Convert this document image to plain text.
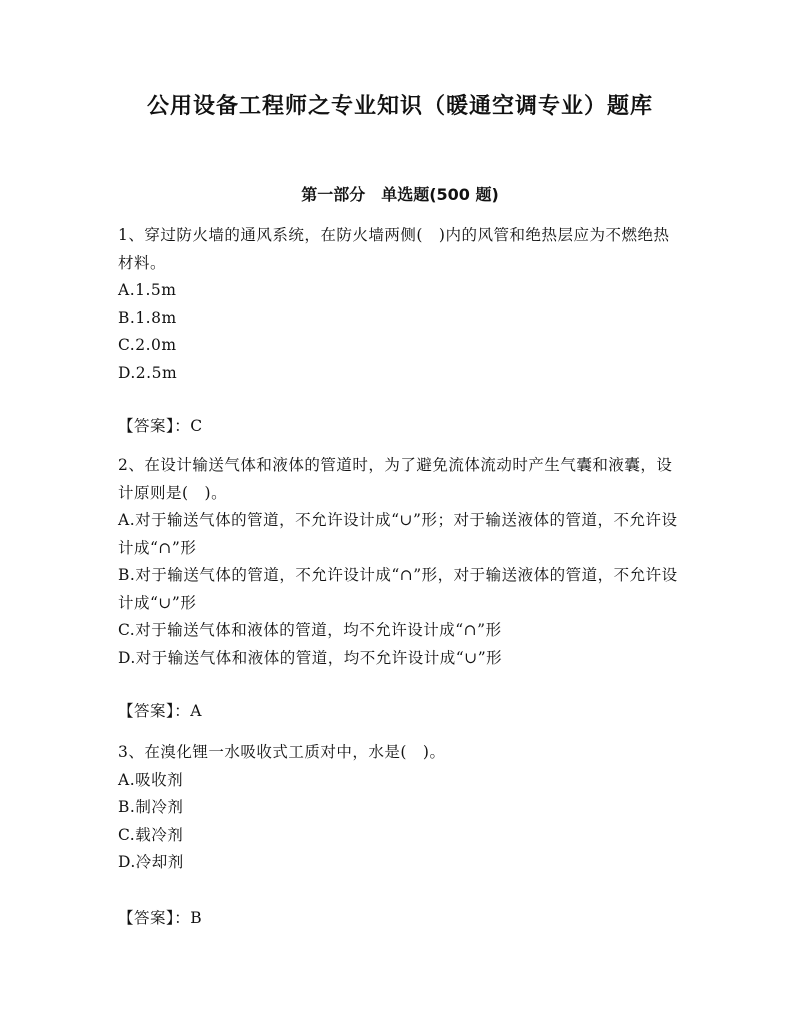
公用设备工程师之专业知识（暖通空调专业）题库
第一部分 单选题(500 题)

1、穿过防火墙的通风系统，在防火墙两侧(　)内的风管和绝热层应为不燃绝热材料。

A.1.5m

B.1.8m

C.2.0m

D.2.5m

【答案】：C

2、在设计输送气体和液体的管道时，为了避免流体流动时产生气囊和液囊，设计原则是(　)。

A.对于输送气体的管道，不允许设计成“∪”形；对于输送液体的管道，不允许设计成“∩”形

B.对于输送气体的管道，不允许设计成“∩”形，对于输送液体的管道，不允许设计成“∪”形

C.对于输送气体和液体的管道，均不允许设计成“∩”形

D.对于输送气体和液体的管道，均不允许设计成“∪”形

【答案】：A

3、在溴化锂一水吸收式工质对中，水是(　)。

A.吸收剂

B.制冷剂

C.载冷剂

D.冷却剂

【答案】：B
